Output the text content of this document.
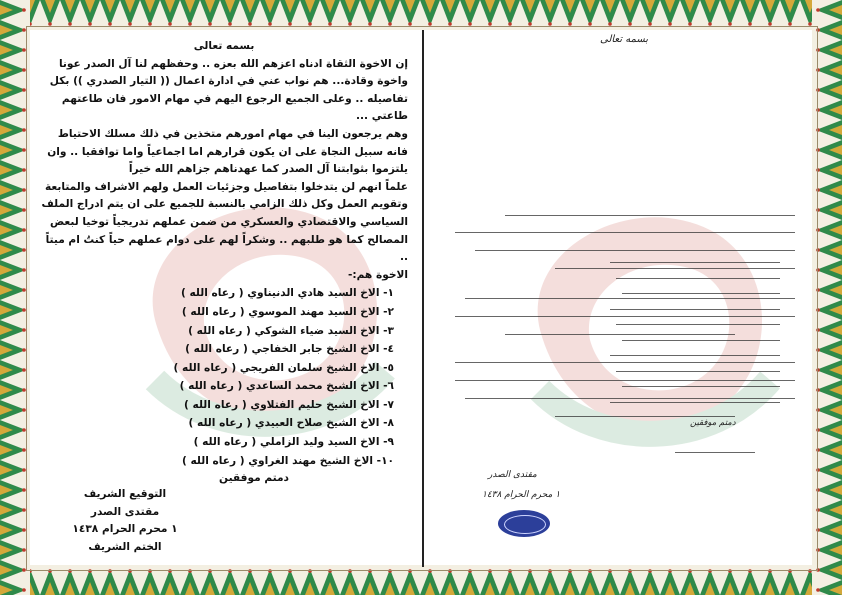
بسمه تعالى

إن الاخوة الثقاة ادناه اعزهم الله بعزه .. وحفظهم لنا آل الصدر عونا واخوة وقادة... هم نواب عني في ادارة اعمال (( التيار الصدري )) بكل تفاصيله .. وعلى الجميع الرجوع اليهم في مهام الامور فان طاعتهم طاعتي ...

وهم يرجعون الينا في مهام امورهم متخذين في ذلك مسلك الاحتياط فانه سبيل النجاة على ان يكون قرارهم اما اجماعياً واما توافقيا .. وان يلتزموا بثوابتنا آل الصدر كما عهدناهم جزاهم الله خيراً

علماً انهم لن يتدخلوا بتفاصيل وجزئيات العمل ولهم الاشراف والمتابعة وتقويم العمل وكل ذلك الزامي بالنسبة للجميع على ان يتم ادراج الملف السياسي والاقتصادي والعسكري من ضمن عملهم تدريجياً توخيا لبعض المصالح كما هو طلبهم .. وشكراً لهم على دوام عملهم حياً كنتُ ام ميتاً ..

الاخوة هم:-

١- الاخ السيد هادي الدنيناوي ( رعاه الله )
٢- الاخ السيد مهند الموسوي ( رعاه الله )
٣- الاخ السيد ضياء الشوكي ( رعاه الله )
٤- الاخ الشيخ جابر الخفاجي ( رعاه الله )
٥- الاخ الشيخ سلمان الفريجي ( رعاه الله )
٦- الاخ الشيخ محمد الساعدي ( رعاه الله )
٧- الاخ الشيخ حليم الفتلاوي ( رعاه الله )
٨- الاخ الشيخ صلاح العبيدي ( رعاه الله )
٩- الاخ السيد وليد الزاملي ( رعاه الله )
١٠- الاخ الشيخ مهند الغراوي ( رعاه الله )

دمتم موفقين

التوقيع الشريف
مقتدى الصدر
١ محرم الحرام ١٤٣٨
الختم الشريف
بسمه تعالى
دمتم موفقين
مقتدى الصدر
١ محرم الحرام ١٤٣٨
